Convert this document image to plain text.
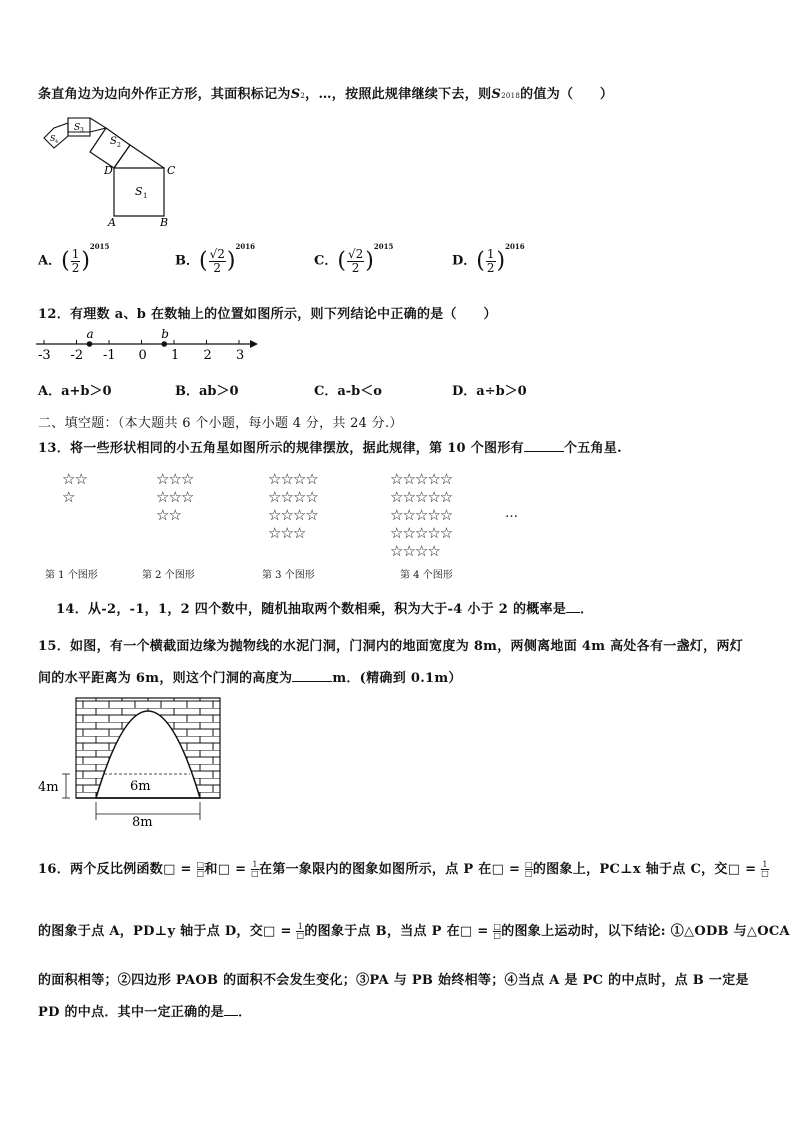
条直角边为边向外作正方形，其面积标记为S2，…，按照此规律继续下去，则S2018的值为（　　）
S 1
S 2
S 3
S 4
D	C
A	B
A．( $\frac{1}{2} )^{2015}$
B．( $\frac{√2}{2} )^{2016}$
C．( $\frac{√2}{2} )^{2015}$
D．( $\frac{1}{2} )^{2016}$
12．有理数 a、b 在数轴上的位置如图所示，则下列结论中正确的是（　　）
-3 -2 -1 0 1 2 3
a	b
A．a+b＞0	B．ab＞0	C．a-b＜o	D．a÷b＞0
二、填空题：（本大题共 6 个小题，每小题 4 分，共 24 分.）
13．将一些形状相同的小五角星如图所示的规律摆放，据此规律，第 10 个图形有	个五角星.
☆☆
☆
第 1 个图形
☆☆☆
☆☆☆
☆☆
第 2 个图形
☆☆☆☆
☆☆☆☆
☆☆☆☆
☆☆☆
第 3 个图形
☆☆☆☆☆
☆☆☆☆☆
☆☆☆☆☆
☆☆☆☆☆
☆☆☆☆
第 4 个图形
…
14．从-2，-1，1，2 四个数中，随机抽取两个数相乘，积为大于-4 小于 2 的概率是 ．
15．如图，有一个横截面边缘为抛物线的水泥门洞，门洞内的地面宽度为 8m，两侧离地面 4m 高处各有一盏灯，两灯
间的水平距离为 6m，则这个门洞的高度为	m．(精确到 0.1m）
4m	6m
8m
16．两个反比例函数□ = $\frac{□}{□}$和□ = $\frac{1}{□}$在第一象限内的图象如图所示，点 P 在□ = $\frac{□}{□}$的图象上，PC⊥x 轴于点 C，交□ = $\frac{1}{□}$
的图象于点 A，PD⊥y 轴于点 D，交□ = $\frac{1}{□}$的图象于点 B，当点 P 在□ = $\frac{□}{□}$的图象上运动时，以下结论: ①△ODB 与△OCA
的面积相等；②四边形 PAOB 的面积不会发生变化；③PA 与 PB 始终相等；④当点 A 是 PC 的中点时，点 B 一定是
PD 的中点．其中一定正确的是 ．
